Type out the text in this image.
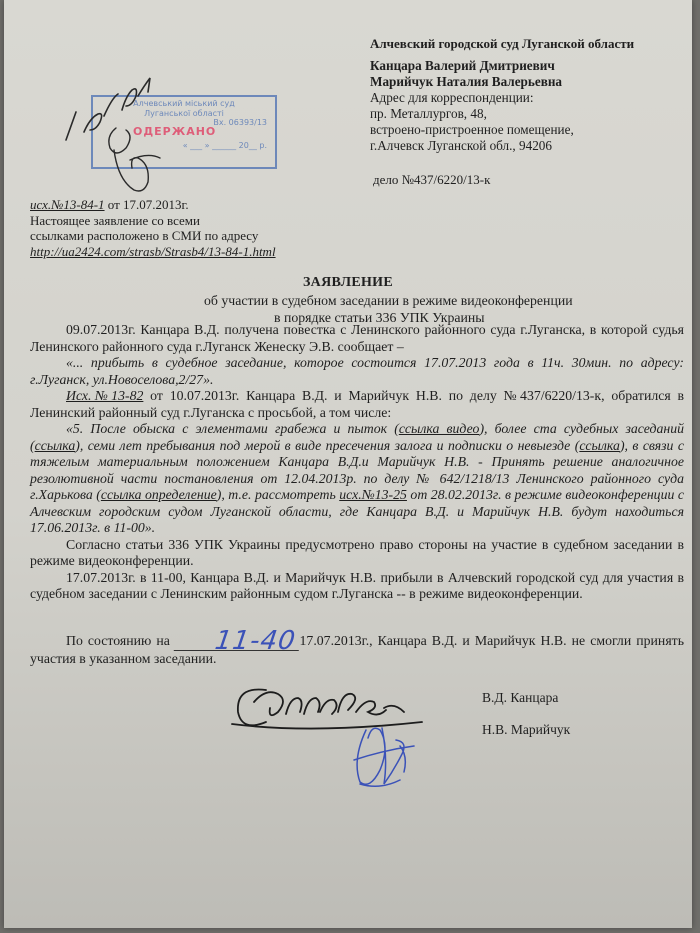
Алчевский городской суд Луганской области
Канцара Валерий Дмитриевич
Марийчук Наталия Валерьевна
Адрес для корреспонденции:
пр. Металлургов, 48,
встроено-пристроенное помещение,
г.Алчевск Луганской обл., 94206
дело №437/6220/13-к
Алчевський міський суд
Луганської області
Вх. 06393/13
ОДЕРЖАНО
« ___ » ______ 20__ р.
исх.№13-84-1 от 17.07.2013г.
Настоящее заявление со всеми
ссылками расположено в СМИ по адресу
http://ua2424.com/strasb/Strasb4/13-84-1.html
ЗАЯВЛЕНИЕ
об участии в судебном заседании в режиме видеоконференции
в порядке статьи 336 УПК Украины

09.07.2013г. Канцара В.Д. получена повестка с Ленинского районного суда г.Луганска, в которой судья Ленинского районного суда г.Луганск Женеску Э.В. сообщает –

«... прибыть в судебное заседание, которое состоится 17.07.2013 года в 11ч. 30мин. по адресу: г.Луганск, ул.Новоселова,2/27».

Исх.№13-82 от 10.07.2013г. Канцара В.Д. и Марийчук Н.В. по делу №437/6220/13-к, обратился в Ленинский районный суд г.Луганска с просьбой, а том числе:

«5. После обыска с элементами грабежа и пыток (ссылка видео), более ста судебных заседаний (ссылка), семи лет пребывания под мерой в виде пресечения залога и подписки о невыезде (ссылка), в связи с тяжелым материальным положением Канцара В.Д.и Марийчук Н.В. - Принять решение аналогичное резолютивной части постановления от 12.04.2013р. по делу № 642/1218/13 Ленинского районного суда г.Харькова (ссылка определение), т.е. рассмотреть исх.№13-25 от 28.02.2013г. в режиме видеоконференции с Алчевским городским судом Луганской области, где Канцара В.Д. и Марийчук Н.В. будут находиться 17.06.2013г. в 11-00».

Согласно статьи 336 УПК Украины предусмотрено право стороны на участие в судебном заседании в режиме видеоконференции.

17.07.2013г. в 11-00, Канцара В.Д. и Марийчук Н.В. прибыли в Алчевский городской суд для участия в судебном заседании с Ленинским районным судом г.Луганска -- в режиме видеоконференции.

По состоянию на 11-40 17.07.2013г., Канцара В.Д. и Марийчук Н.В. не смогли принять участия в указанном заседании.

В.Д. Канцара
Н.В. Марийчук
